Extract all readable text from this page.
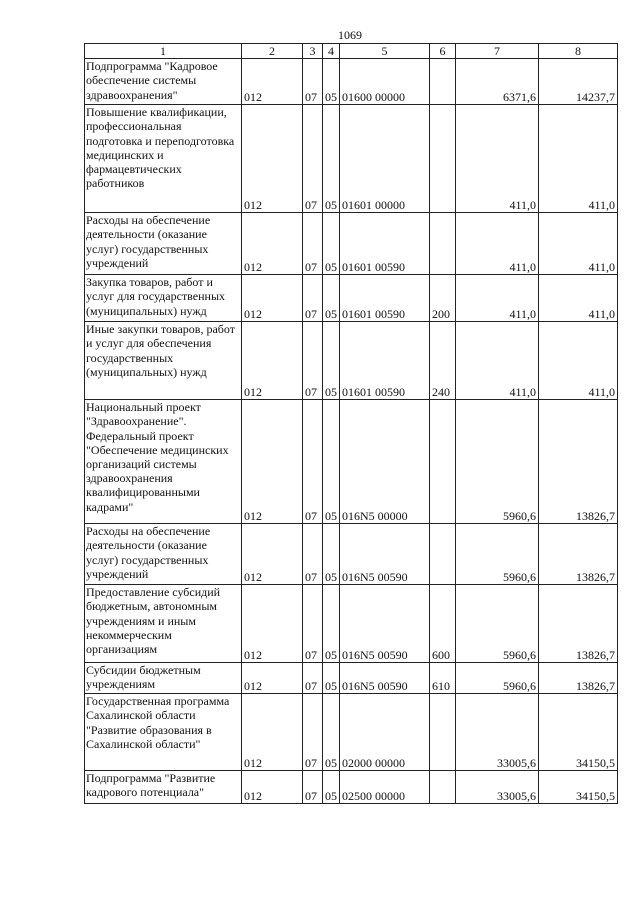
1069
1	2	3	4	5	6	7	8
Подпрограмма "Кадровое обеспечение системы здравоохранения"	012	07	05	01600 00000		6371,6	14237,7
Повышение квалификации, профессиональная подготовка и переподготовка медицинских и фармацевтических работников	012	07	05	01601 00000		411,0	411,0
Расходы на обеспечение деятельности (оказание услуг) государственных учреждений	012	07	05	01601 00590		411,0	411,0
Закупка товаров, работ и услуг для государственных (муниципальных) нужд	012	07	05	01601 00590	200	411,0	411,0
Иные закупки товаров, работ и услуг для обеспечения государственных (муниципальных) нужд	012	07	05	01601 00590	240	411,0	411,0
Национальный проект "Здравоохранение". Федеральный проект "Обеспечение медицинских организаций системы здравоохранения квалифицированными кадрами"	012	07	05	016N5 00000		5960,6	13826,7
Расходы на обеспечение деятельности (оказание услуг) государственных учреждений	012	07	05	016N5 00590		5960,6	13826,7
Предоставление субсидий бюджетным, автономным учреждениям и иным некоммерческим организациям	012	07	05	016N5 00590	600	5960,6	13826,7
Субсидии бюджетным учреждениям	012	07	05	016N5 00590	610	5960,6	13826,7
Государственная программа Сахалинской области "Развитие образования в Сахалинской области"	012	07	05	02000 00000		33005,6	34150,5
Подпрограмма "Развитие кадрового потенциала"	012	07	05	02500 00000		33005,6	34150,5
